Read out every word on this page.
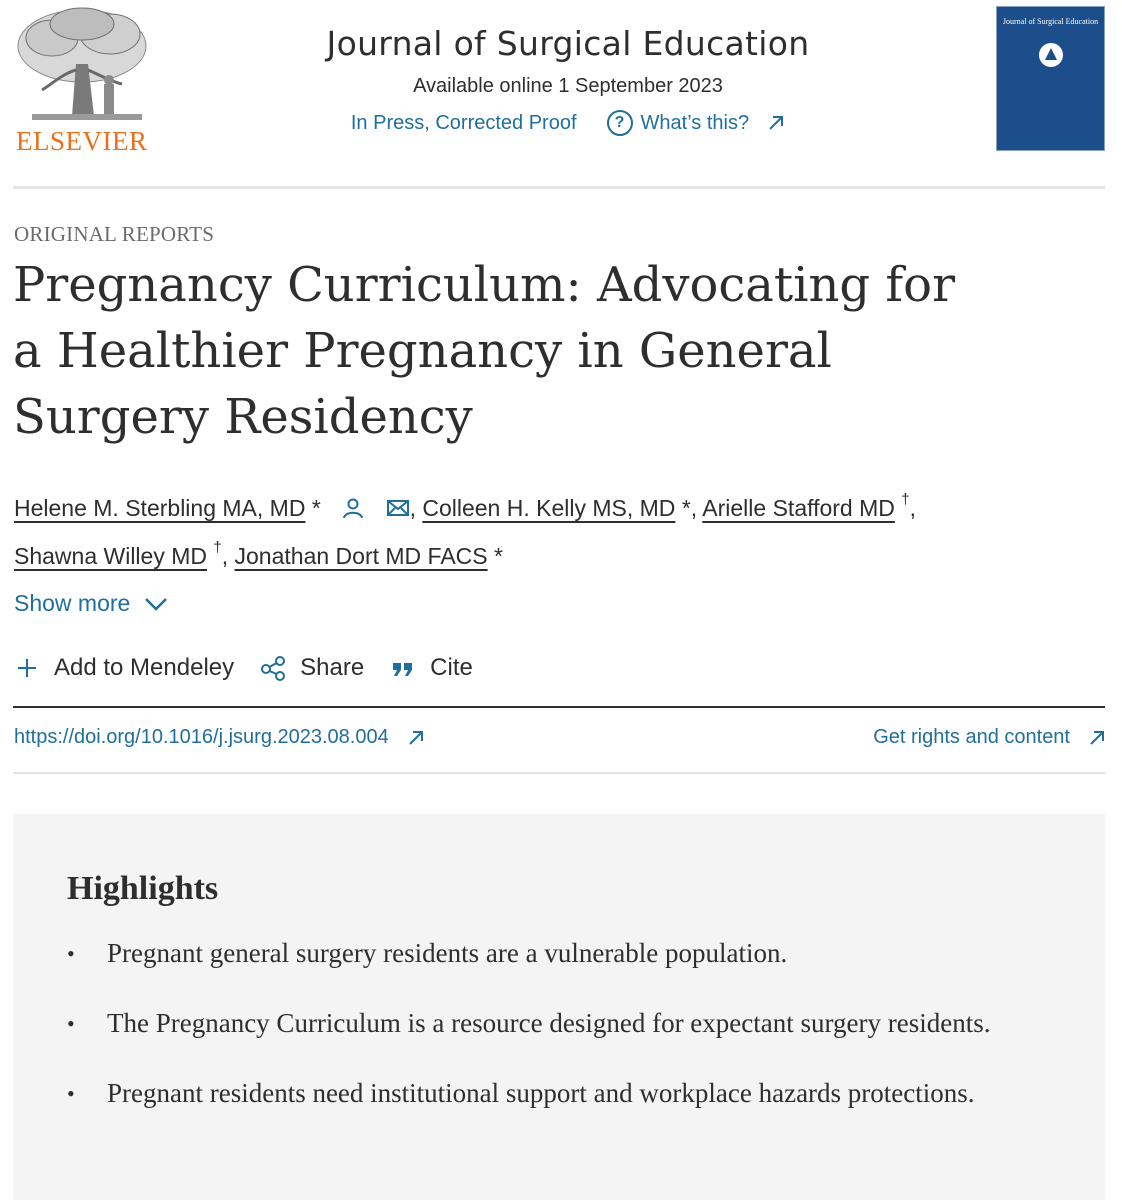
ELSEVIER
Journal of Surgical Education
Available online 1 September 2023
In Press, Corrected Proof	? What’s this?
Journal of Surgical Education
ORIGINAL REPORTS
Pregnancy Curriculum: Advocating for a Healthier Pregnancy in General Surgery Residency
Helene M. Sterbling MA, MD *	, Colleen H. Kelly MS, MD *, Arielle Stafford MD †,
Shawna Willey MD †, Jonathan Dort MD FACS *
Show more
Add to Mendeley	Share	Cite
https://doi.org/10.1016/j.jsurg.2023.08.004	Get rights and content
Highlights
• Pregnant general surgery residents are a vulnerable population.
• The Pregnancy Curriculum is a resource designed for expectant surgery residents.
• Pregnant residents need institutional support and workplace hazards protections.
